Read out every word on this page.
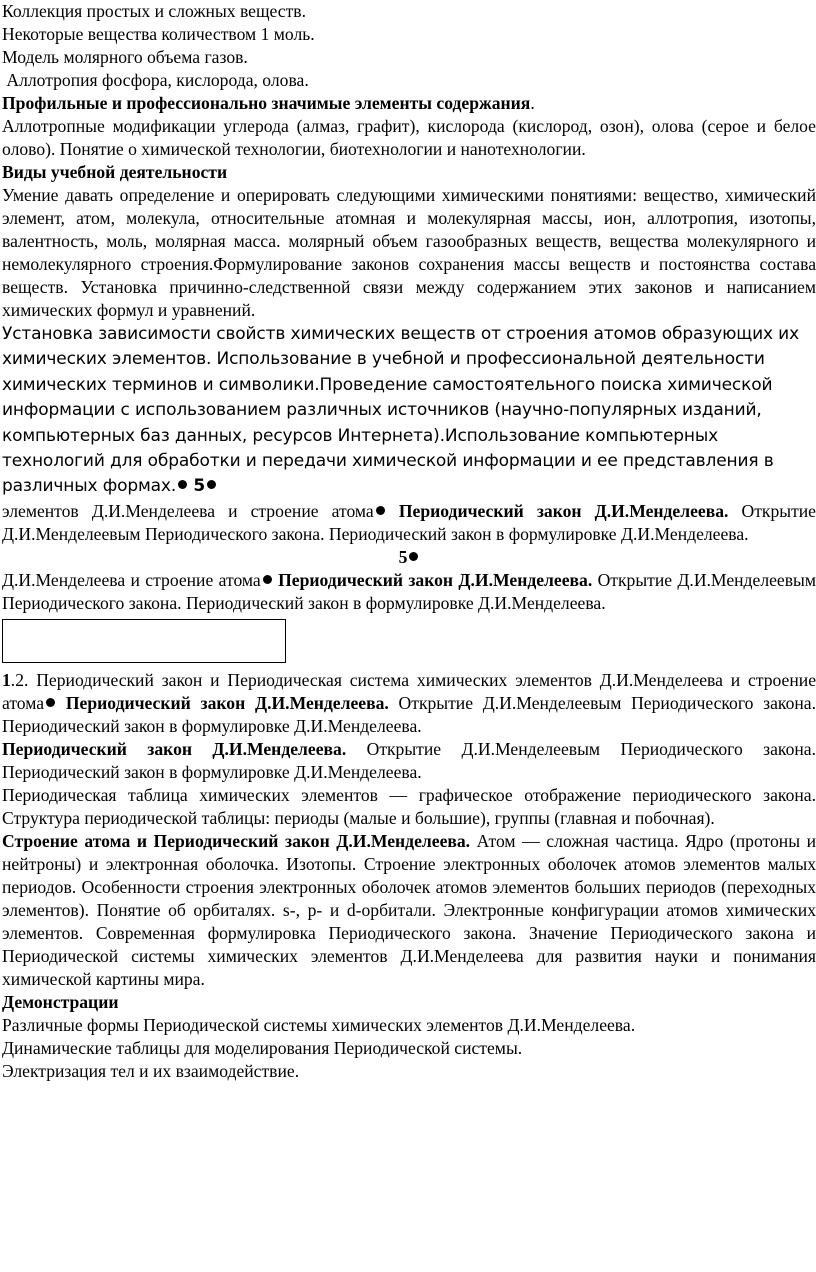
Коллекция простых и сложных веществ.

Некоторые вещества количеством 1 моль.

Модель молярного объема газов.

Аллотропия фосфора, кислорода, олова.

Профильные и профессионально значимые элементы содержания.

Аллотропные модификации углерода (алмаз, графит), кислорода (кислород, озон), олова (серое и белое олово). Понятие о химической технологии, биотехнологии и нанотехнологии.

Виды учебной деятельности

Умение давать определение и оперировать следующими химическими понятиями: вещество, химический элемент, атом, молекула, относительные атомная и молекулярная массы, ион, аллотропия, изотопы, валентность, моль, молярная масса. молярный объем газообразных веществ, вещества молекулярного и немолекулярного строения.Формулирование законов сохранения массы веществ и постоянства состава веществ. Установка причинно-следственной связи между содержанием этих законов и написанием химических формул и уравнений.

Установка зависимости свойств химических веществ от строения атомов образующих их

химических элементов. Использование в учебной и профессиональной деятельности

химических терминов и символики.Проведение самостоятельного поиска химической

информации с использованием различных источников (научно-популярных изданий,

компьютерных баз данных, ресурсов Интернета).Использование компьютерных

технологий для обработки и передачи химической информации и ее представления в

различных формах. 5

элементов Д.И.Менделеева и строение атома Периодический закон Д.И.Менделеева. Открытие Д.И.Менделеевым Периодического закона. Периодический закон в формулировке Д.И.Менделеева.

5

Д.И.Менделеева и строение атома Периодический закон Д.И.Менделеева. Открытие Д.И.Менделеевым Периодического закона. Периодический закон в формулировке Д.И.Менделеева.

1.2. Периодический закон и Периодическая система химических элементов Д.И.Менделеева и строение атома Периодический закон Д.И.Менделеева. Открытие Д.И.Менделеевым Периодического закона. Периодический закон в формулировке Д.И.Менделеева.

Периодический закон Д.И.Менделеева. Открытие Д.И.Менделеевым Периодического закона. Периодический закон в формулировке Д.И.Менделеева.

Периодическая таблица химических элементов — графическое отображение периодического закона. Структура периодической таблицы: периоды (малые и большие), группы (главная и побочная).

Строение атома и Периодический закон Д.И.Менделеева. Атом — сложная частица. Ядро (протоны и нейтроны) и электронная оболочка. Изотопы. Строение электронных оболочек атомов элементов малых периодов. Особенности строения электронных оболочек атомов элементов больших периодов (переходных элементов). Понятие об орбиталях. s-, p- и d-орбитали. Электронные конфигурации атомов химических элементов. Современная формулировка Периодического закона. Значение Периодического закона и Периодической системы химических элементов Д.И.Менделеева для развития науки и понимания химической картины мира.

Демонстрации

Различные формы Периодической системы химических элементов Д.И.Менделеева.

Динамические таблицы для моделирования Периодической системы.

Электризация тел и их взаимодействие.
